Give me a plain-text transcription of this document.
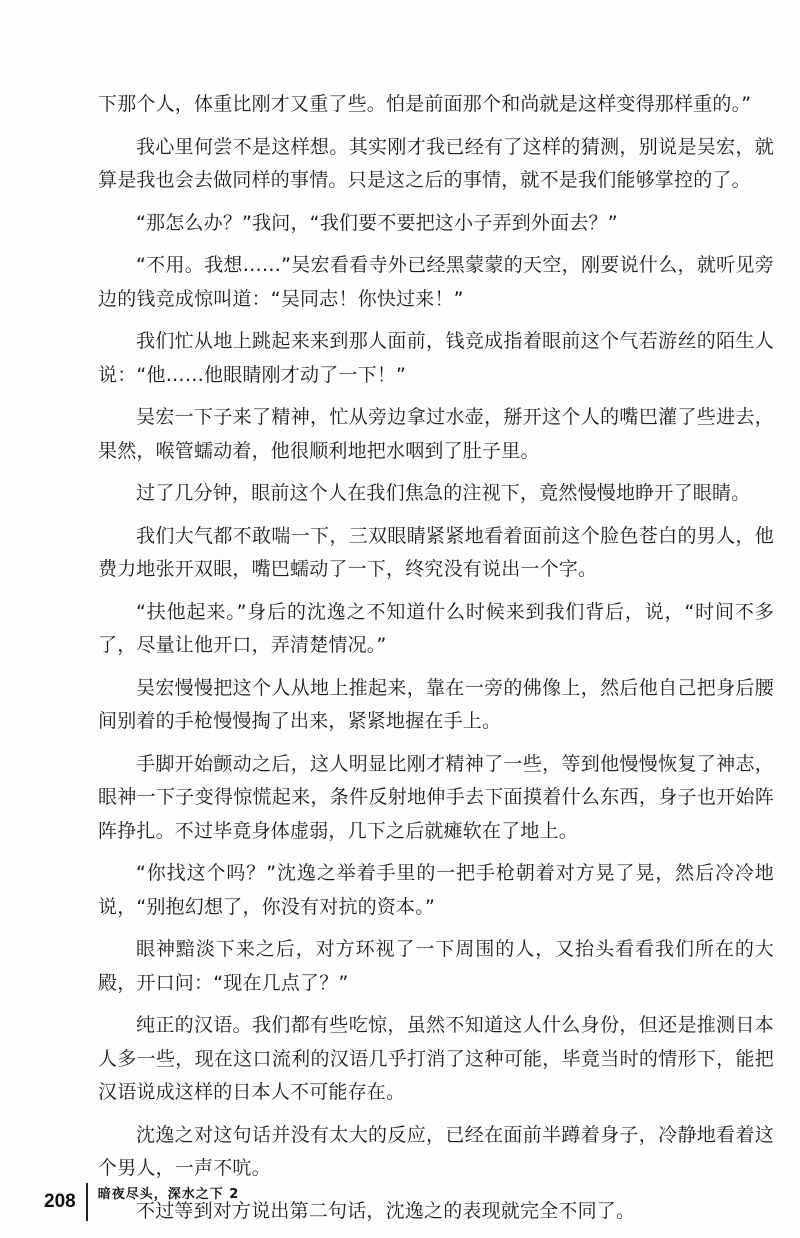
下那个人，体重比刚才又重了些。怕是前面那个和尚就是这样变得那样重的。”

我心里何尝不是这样想。其实刚才我已经有了这样的猜测，别说是吴宏，就算是我也会去做同样的事情。只是这之后的事情，就不是我们能够掌控的了。

“那怎么办？”我问，“我们要不要把这小子弄到外面去？”

“不用。我想……”吴宏看看寺外已经黑蒙蒙的天空，刚要说什么，就听见旁边的钱竞成惊叫道：“吴同志！你快过来！”

我们忙从地上跳起来来到那人面前，钱竞成指着眼前这个气若游丝的陌生人说：“他……他眼睛刚才动了一下！”

吴宏一下子来了精神，忙从旁边拿过水壶，掰开这个人的嘴巴灌了些进去，果然，喉管蠕动着，他很顺利地把水咽到了肚子里。

过了几分钟，眼前这个人在我们焦急的注视下，竟然慢慢地睁开了眼睛。

我们大气都不敢喘一下，三双眼睛紧紧地看着面前这个脸色苍白的男人，他费力地张开双眼，嘴巴蠕动了一下，终究没有说出一个字。

“扶他起来。”身后的沈逸之不知道什么时候来到我们背后，说，“时间不多了，尽量让他开口，弄清楚情况。”

吴宏慢慢把这个人从地上推起来，靠在一旁的佛像上，然后他自己把身后腰间别着的手枪慢慢掏了出来，紧紧地握在手上。

手脚开始颤动之后，这人明显比刚才精神了一些，等到他慢慢恢复了神志，眼神一下子变得惊慌起来，条件反射地伸手去下面摸着什么东西，身子也开始阵阵挣扎。不过毕竟身体虚弱，几下之后就瘫软在了地上。

“你找这个吗？”沈逸之举着手里的一把手枪朝着对方晃了晃，然后冷冷地说，“别抱幻想了，你没有对抗的资本。”

眼神黯淡下来之后，对方环视了一下周围的人，又抬头看看我们所在的大殿，开口问：“现在几点了？”

纯正的汉语。我们都有些吃惊，虽然不知道这人什么身份，但还是推测日本人多一些，现在这口流利的汉语几乎打消了这种可能，毕竟当时的情形下，能把汉语说成这样的日本人不可能存在。

沈逸之对这句话并没有太大的反应，已经在面前半蹲着身子，冷静地看着这个男人，一声不吭。

不过等到对方说出第二句话，沈逸之的表现就完全不同了。

208 暗夜尽头，深水之下 2
